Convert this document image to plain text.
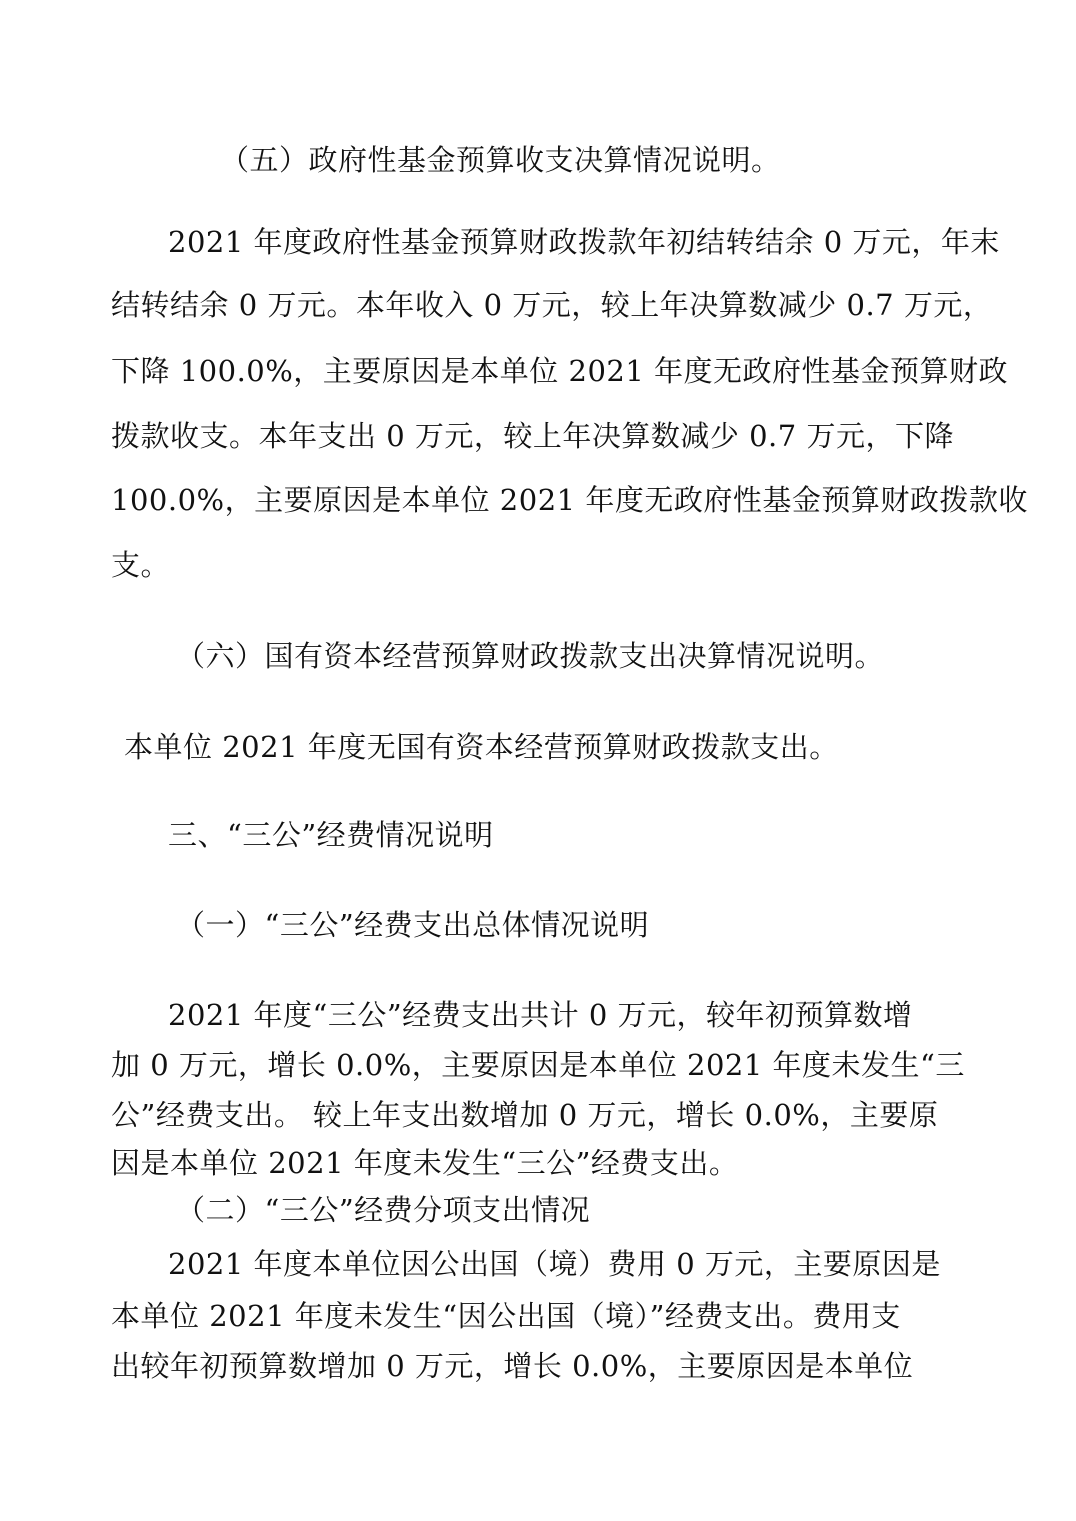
（五）政府性基金预算收支决算情况说明。
2021 年度政府性基金预算财政拨款年初结转结余 0 万元，年末
结转结余 0 万元。本年收入 0 万元，较上年决算数减少 0.7 万元，
下降 100.0%，主要原因是本单位 2021 年度无政府性基金预算财政
拨款收支。本年支出 0 万元，较上年决算数减少 0.7 万元，下降
100.0%，主要原因是本单位 2021 年度无政府性基金预算财政拨款收
支。
（六）国有资本经营预算财政拨款支出决算情况说明。
本单位 2021 年度无国有资本经营预算财政拨款支出。
三、“三公”经费情况说明
（一）“三公”经费支出总体情况说明
2021 年度“三公”经费支出共计 0 万元，较年初预算数增
加 0 万元，增长 0.0%，主要原因是本单位 2021 年度未发生“三
公”经费支出。 较上年支出数增加 0 万元，增长 0.0%，主要原
因是本单位 2021 年度未发生“三公”经费支出。
（二）“三公”经费分项支出情况
2021 年度本单位因公出国（境）费用 0 万元，主要原因是
本单位 2021 年度未发生“因公出国（境）”经费支出。费用支
出较年初预算数增加 0 万元，增长 0.0%，主要原因是本单位
